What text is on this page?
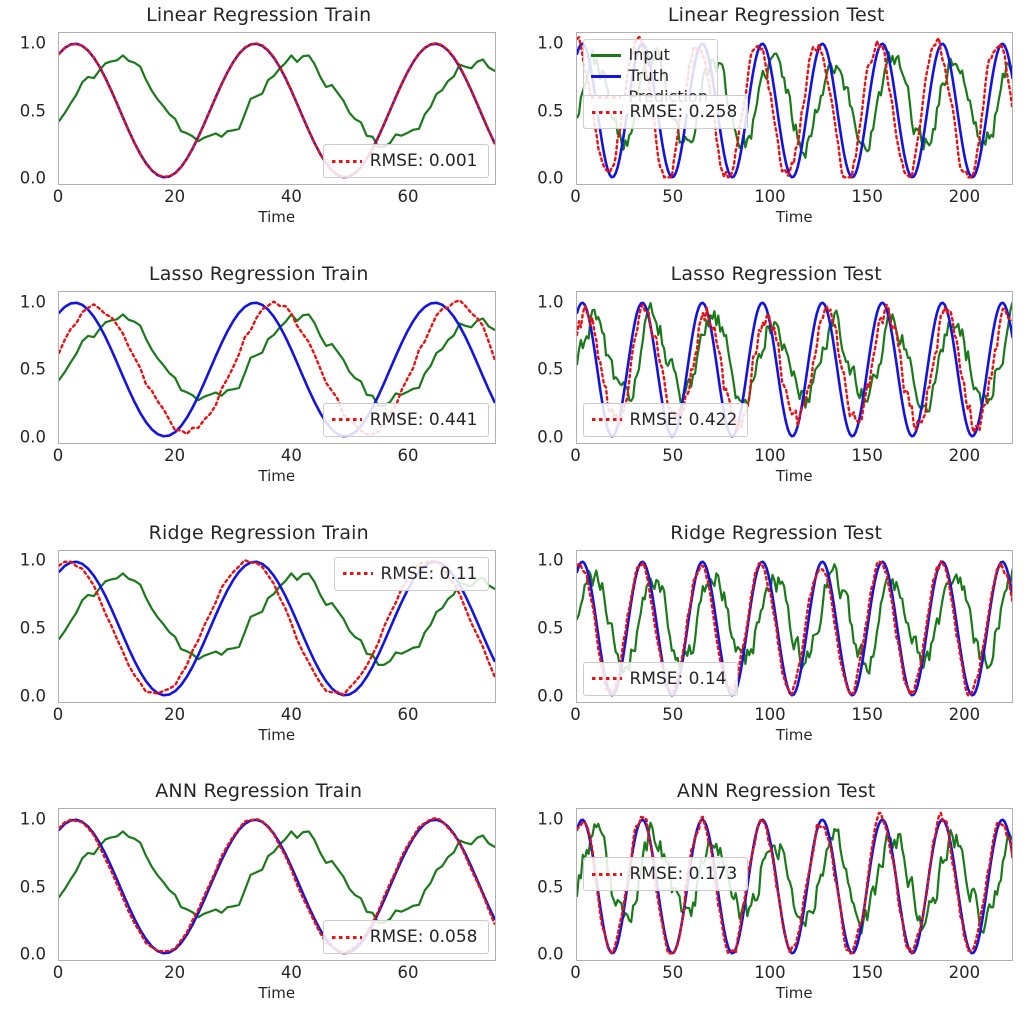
Linear Regression Train
0.0
0.5
1.0
RMSE: 0.001
0	20	40	60
Time
Linear Regression Test
0.0
0.5
1.0
Input
Truth
RMSE: 0.258
0	50	100	150	200
Time
Lasso Regression Train
0.0
0.5
1.0
RMSE: 0.441
0	20	40	60
Time
Lasso Regression Test
0.0
0.5
1.0
RMSE: 0.422
0	50	100	150	200
Time
Ridge Regression Train
0.0
0.5
1.0
RMSE: 0.11
0	20	40	60
Time
Ridge Regression Test
0.0
0.5
1.0
RMSE: 0.14
0	50	100	150	200
Time
ANN Regression Train
0.0
0.5
1.0
RMSE: 0.058
0	20	40	60
Time
ANN Regression Test
0.0
0.5
1.0
RMSE: 0.173
0	50	100	150	200
Time
